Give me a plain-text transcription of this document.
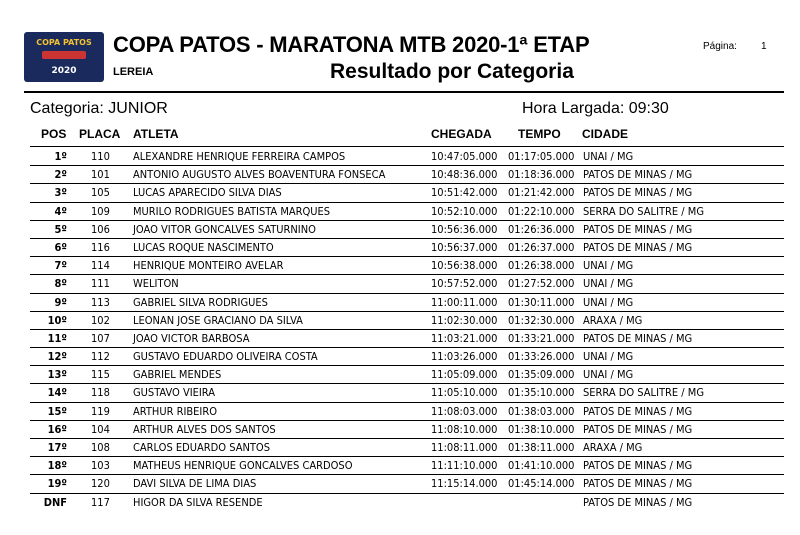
COPA PATOS
2020
COPA PATOS - MARATONA MTB 2020-1ª ETAP	Página: 1
LEREIA	Resultado por Categoria
Categoria: JUNIOR	Hora Largada: 09:30
POS PLACA ATLETA	CHEGADA TEMPO CIDADE
1º 110 ALEXANDRE HENRIQUE FERREIRA CAMPOS	10:47:05.000 01:17:05.000 UNAI / MG
2º 101 ANTONIO AUGUSTO ALVES BOAVENTURA FONSECA	10:48:36.000 01:18:36.000 PATOS DE MINAS / MG
3º 105 LUCAS APARECIDO SILVA DIAS	10:51:42.000 01:21:42.000 PATOS DE MINAS / MG
4º 109 MURILO RODRIGUES BATISTA MARQUES	10:52:10.000 01:22:10.000 SERRA DO SALITRE / MG
5º 106 JOAO VITOR GONCALVES SATURNINO	10:56:36.000 01:26:36.000 PATOS DE MINAS / MG
6º 116 LUCAS ROQUE NASCIMENTO	10:56:37.000 01:26:37.000 PATOS DE MINAS / MG
7º 114 HENRIQUE MONTEIRO AVELAR	10:56:38.000 01:26:38.000 UNAI / MG
8º 111 WELITON	10:57:52.000 01:27:52.000 UNAI / MG
9º 113 GABRIEL SILVA RODRIGUES	11:00:11.000 01:30:11.000 UNAI / MG
10º 102 LEONAN JOSE GRACIANO DA SILVA	11:02:30.000 01:32:30.000 ARAXA / MG
11º 107 JOAO VICTOR BARBOSA	11:03:21.000 01:33:21.000 PATOS DE MINAS / MG
12º 112 GUSTAVO EDUARDO OLIVEIRA COSTA	11:03:26.000 01:33:26.000 UNAI / MG
13º 115 GABRIEL MENDES	11:05:09.000 01:35:09.000 UNAI / MG
14º 118 GUSTAVO VIEIRA	11:05:10.000 01:35:10.000 SERRA DO SALITRE / MG
15º 119 ARTHUR RIBEIRO	11:08:03.000 01:38:03.000 PATOS DE MINAS / MG
16º 104 ARTHUR ALVES DOS SANTOS	11:08:10.000 01:38:10.000 PATOS DE MINAS / MG
17º 108 CARLOS EDUARDO SANTOS	11:08:11.000 01:38:11.000 ARAXA / MG
18º 103 MATHEUS HENRIQUE GONCALVES CARDOSO	11:11:10.000 01:41:10.000 PATOS DE MINAS / MG
19º 120 DAVI SILVA DE LIMA DIAS	11:15:14.000 01:45:14.000 PATOS DE MINAS / MG
DNF 117 HIGOR DA SILVA RESENDE	PATOS DE MINAS / MG
